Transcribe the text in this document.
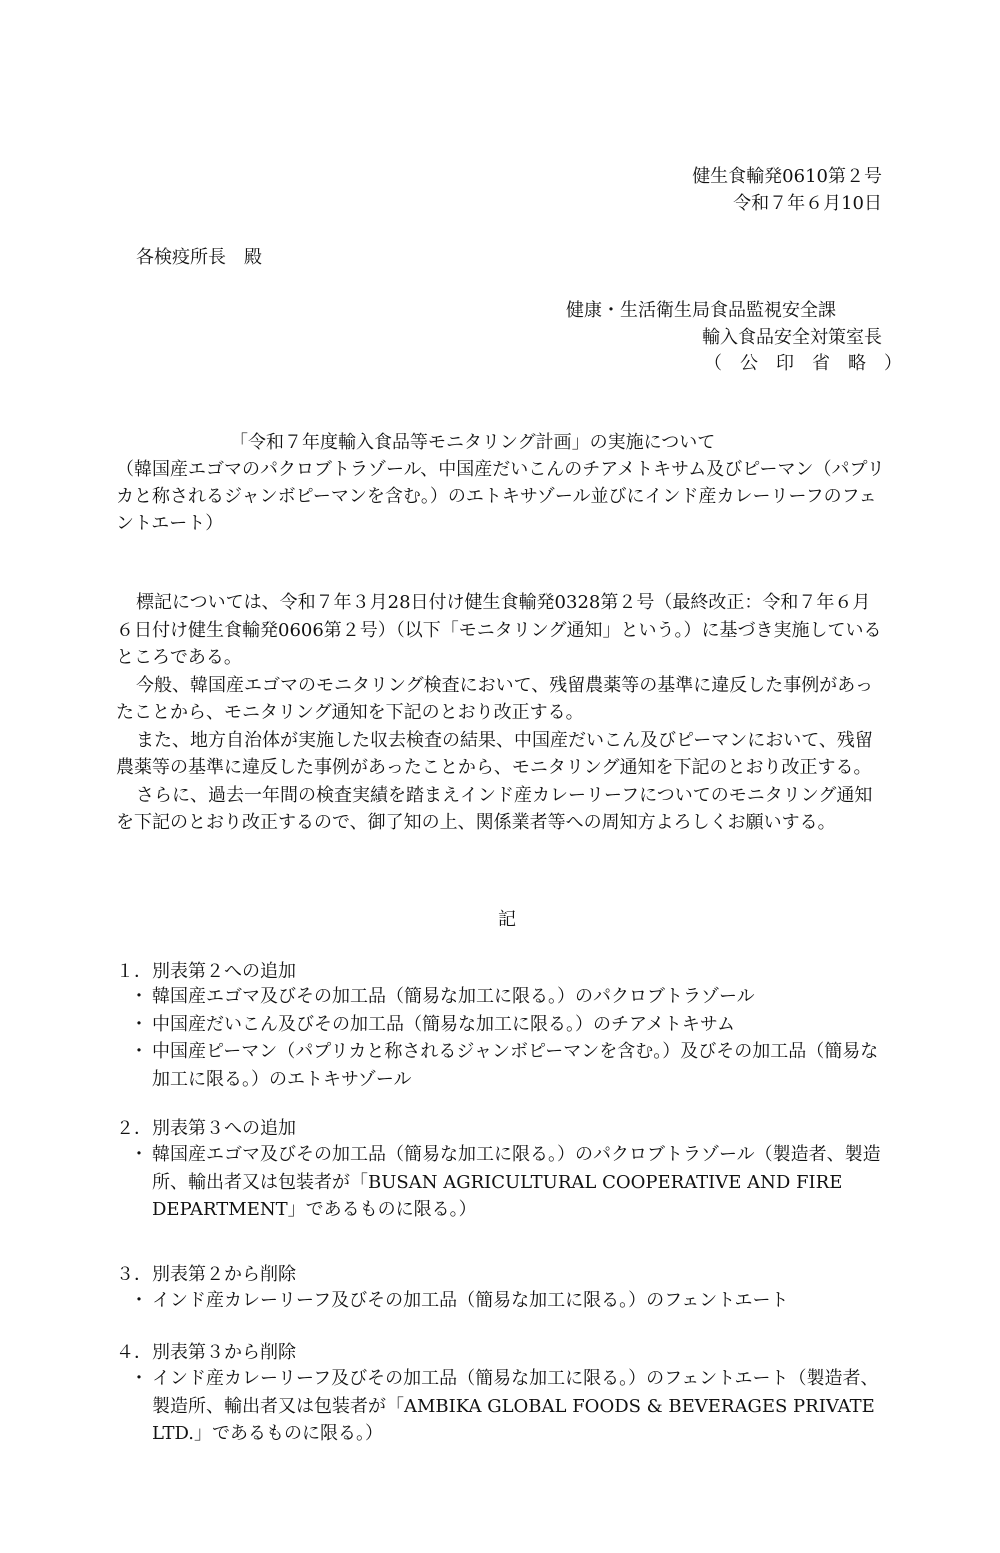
健生食輸発0610第２号
令和７年６月10日
各検疫所長　殿
健康・生活衛生局食品監視安全課
輸入食品安全対策室長
（　公　印　省　略　）
「令和７年度輸入食品等モニタリング計画」の実施について

（韓国産エゴマのパクロブトラゾール、中国産だいこんのチアメトキサム及びピーマン（パプリカと称されるジャンボピーマンを含む。）のエトキサゾール並びにインド産カレーリーフのフェントエート）

標記については、令和７年３月28日付け健生食輸発0328第２号（最終改正：令和７年６月６日付け健生食輸発0606第２号）（以下「モニタリング通知」という。）に基づき実施しているところである。

今般、韓国産エゴマのモニタリング検査において、残留農薬等の基準に違反した事例があったことから、モニタリング通知を下記のとおり改正する。

また、地方自治体が実施した収去検査の結果、中国産だいこん及びピーマンにおいて、残留農薬等の基準に違反した事例があったことから、モニタリング通知を下記のとおり改正する。

さらに、過去一年間の検査実績を踏まえインド産カレーリーフについてのモニタリング通知を下記のとおり改正するので、御了知の上、関係業者等への周知方よろしくお願いする。

記
１．別表第２への追加
・ 韓国産エゴマ及びその加工品（簡易な加工に限る。）のパクロブトラゾール
・ 中国産だいこん及びその加工品（簡易な加工に限る。）のチアメトキサム
・ 中国産ピーマン（パプリカと称されるジャンボピーマンを含む。）及びその加工品（簡易な加工に限る。）のエトキサゾール
２．別表第３への追加
・ 韓国産エゴマ及びその加工品（簡易な加工に限る。）のパクロブトラゾール（製造者、製造所、輸出者又は包装者が「BUSAN AGRICULTURAL COOPERATIVE AND FIRE DEPARTMENT」であるものに限る。）
３．別表第２から削除
・ インド産カレーリーフ及びその加工品（簡易な加工に限る。）のフェントエート
４．別表第３から削除
・ インド産カレーリーフ及びその加工品（簡易な加工に限る。）のフェントエート（製造者、製造所、輸出者又は包装者が「AMBIKA GLOBAL FOODS & BEVERAGES PRIVATE LTD.」であるものに限る。）
